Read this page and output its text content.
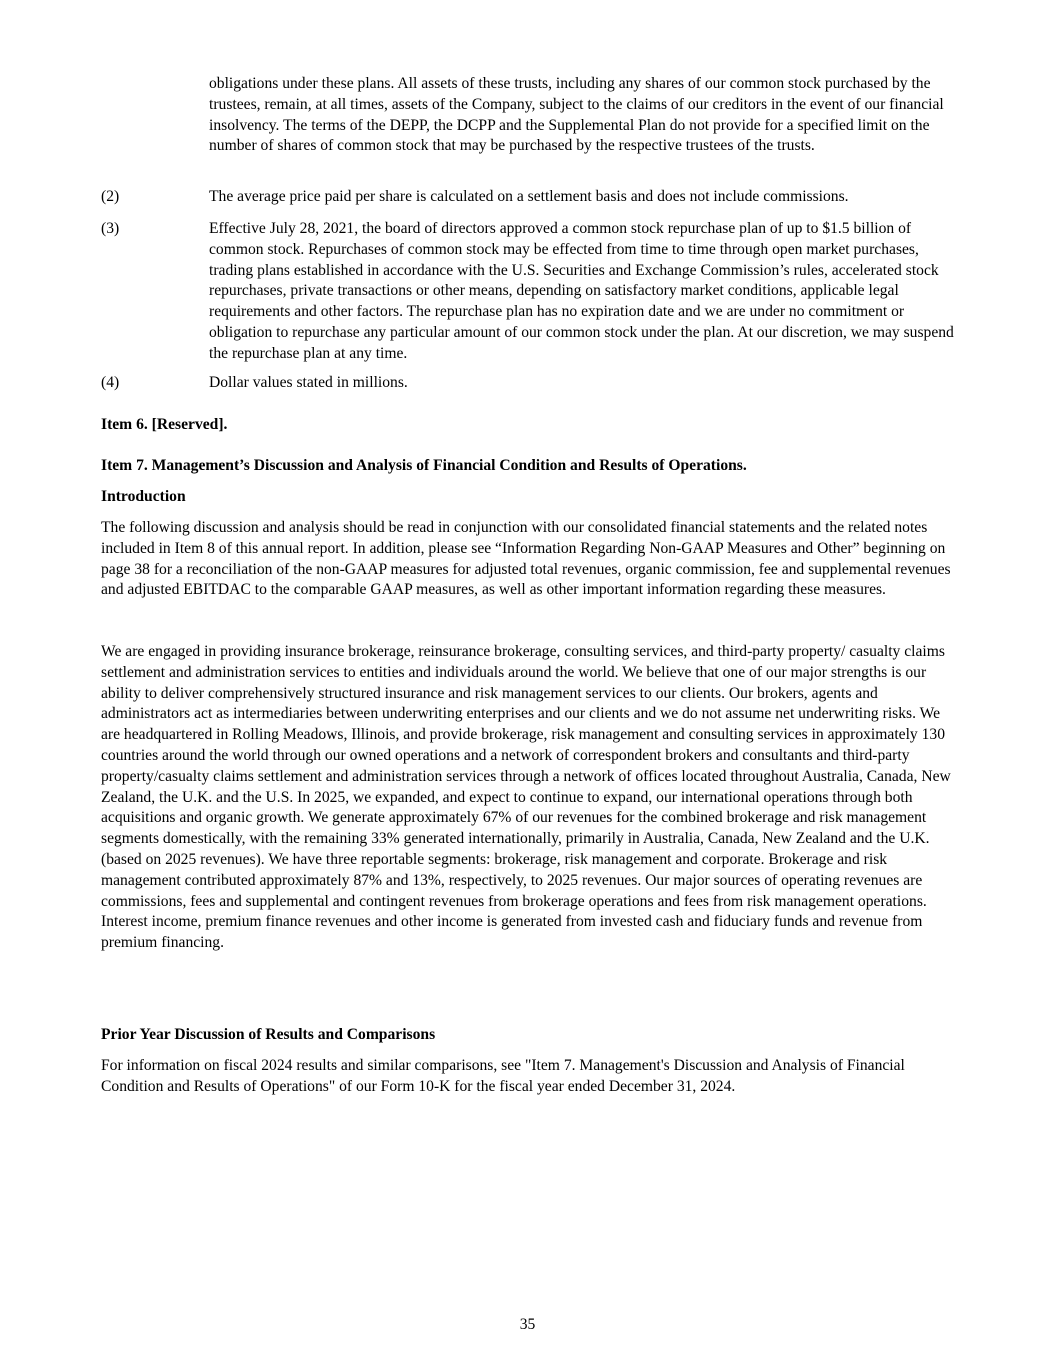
obligations under these plans. All assets of these trusts, including any shares of our common stock purchased by the trustees, remain, at all times, assets of the Company, subject to the claims of our creditors in the event of our financial insolvency. The terms of the DEPP, the DCPP and the Supplemental Plan do not provide for a specified limit on the number of shares of common stock that may be purchased by the respective trustees of the trusts.

(2)	The average price paid per share is calculated on a settlement basis and does not include commissions.
(3)	Effective July 28, 2021, the board of directors approved a common stock repurchase plan of up to $1.5 billion of common stock. Repurchases of common stock may be effected from time to time through open market purchases, trading plans established in accordance with the U.S. Securities and Exchange Commission’s rules, accelerated stock repurchases, private transactions or other means, depending on satisfactory market conditions, applicable legal requirements and other factors. The repurchase plan has no expiration date and we are under no commitment or obligation to repurchase any particular amount of our common stock under the plan. At our discretion, we may suspend the repurchase plan at any time.
(4)	Dollar values stated in millions.
Item 6. [Reserved].
Item 7. Management’s Discussion and Analysis of Financial Condition and Results of Operations.
Introduction

The following discussion and analysis should be read in conjunction with our consolidated financial statements and the related notes included in Item 8 of this annual report. In addition, please see “Information Regarding Non-GAAP Measures and Other” beginning on page 38 for a reconciliation of the non-GAAP measures for adjusted total revenues, organic commission, fee and supplemental revenues and adjusted EBITDAC to the comparable GAAP measures, as well as other important information regarding these measures.

We are engaged in providing insurance brokerage, reinsurance brokerage, consulting services, and third-party property/ casualty claims settlement and administration services to entities and individuals around the world. We believe that one of our major strengths is our ability to deliver comprehensively structured insurance and risk management services to our clients. Our brokers, agents and administrators act as intermediaries between underwriting enterprises and our clients and we do not assume net underwriting risks. We are headquartered in Rolling Meadows, Illinois, and provide brokerage, risk management and consulting services in approximately 130 countries around the world through our owned operations and a network of correspondent brokers and consultants and third-party property/casualty claims settlement and administration services through a network of offices located throughout Australia, Canada, New Zealand, the U.K. and the U.S. In 2025, we expanded, and expect to continue to expand, our international operations through both acquisitions and organic growth. We generate approximately 67% of our revenues for the combined brokerage and risk management segments domestically, with the remaining 33% generated internationally, primarily in Australia, Canada, New Zealand and the U.K. (based on 2025 revenues). We have three reportable segments: brokerage, risk management and corporate. Brokerage and risk management contributed approximately 87% and 13%, respectively, to 2025 revenues. Our major sources of operating revenues are commissions, fees and supplemental and contingent revenues from brokerage operations and fees from risk management operations. Interest income, premium finance revenues and other income is generated from invested cash and fiduciary funds and revenue from premium financing.

Prior Year Discussion of Results and Comparisons

For information on fiscal 2024 results and similar comparisons, see "Item 7. Management's Discussion and Analysis of Financial Condition and Results of Operations" of our Form 10-K for the fiscal year ended December 31, 2024.

35
